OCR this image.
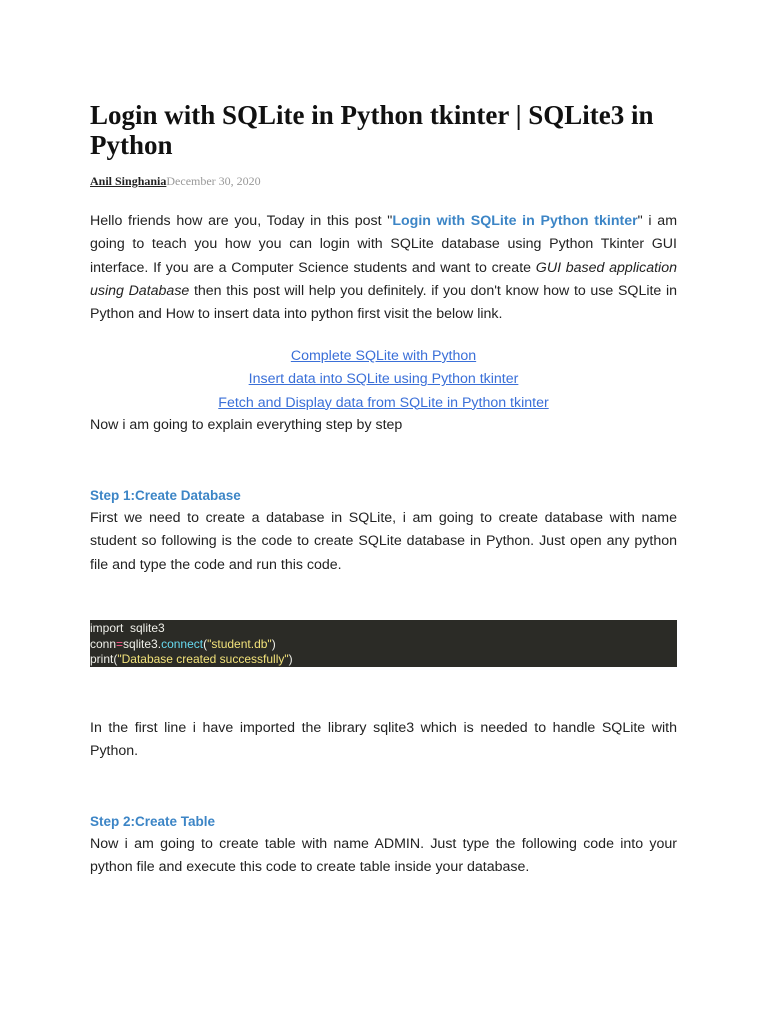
Login with SQLite in Python tkinter | SQLite3 in Python
Anil SinghaniaDecember 30, 2020

Hello friends how are you, Today in this post "Login with SQLite in Python tkinter" i am going to teach you how you can login with SQLite database using Python Tkinter GUI interface. If you are a Computer Science students and want to create GUI based application using Database then this post will help you definitely. if you don't know how to use SQLite in Python and How to insert data into python first visit the below link.

Complete SQLite with Python
Insert data into SQLite using Python tkinter
Fetch and Display data from SQLite in Python tkinter

Now i am going to explain everything step by step

Step 1:Create Database

First we need to create a database in SQLite, i am going to create database with name student so following is the code to create SQLite database in Python. Just open any python file and type the code and run this code.

import  sqlite3
conn=sqlite3.connect("student.db")
print("Database created successfully")

In the first line i have imported the library sqlite3 which is needed to handle SQLite with Python.

Step 2:Create Table

Now i am going to create table with name ADMIN. Just type the following code into your python file and execute this code to create table inside your database.
